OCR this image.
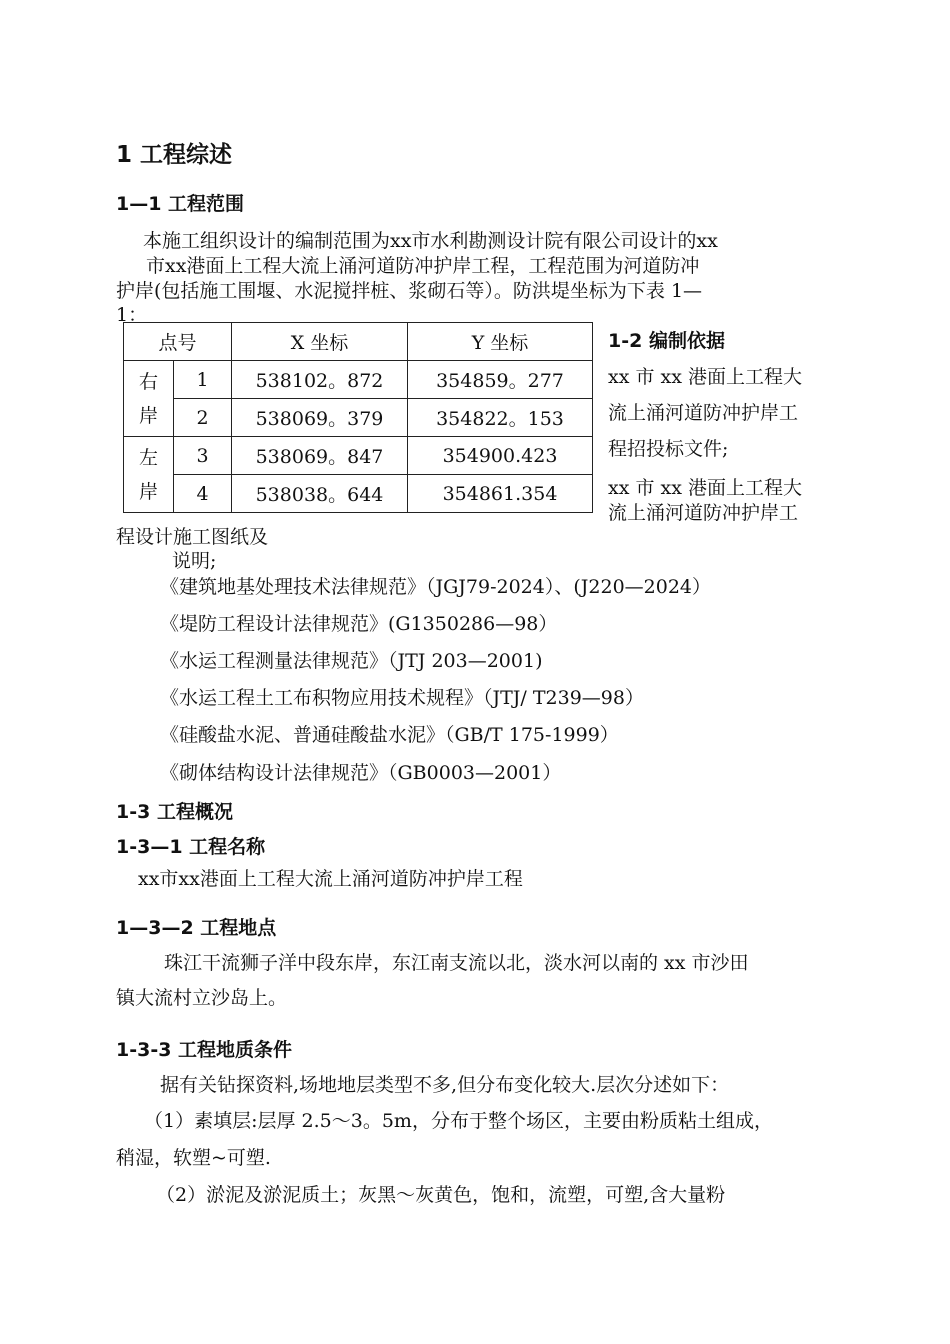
1 工程综述
1—1 工程范围
本施工组织设计的编制范围为xx市水利勘测设计院有限公司设计的xx
市xx港面上工程大流上涌河道防冲护岸工程，工程范围为河道防冲
护岸(包括施工围堰、水泥搅拌桩、浆砌石等）。防洪堤坐标为下表 1—
1：
点号		X 坐标	Y 坐标
右
岸	1	538102。872	354859。277
	2	538069。379	354822。153
左
岸	3	538069。847	354900.423
	4	538038。644	354861.354
1-2 编制依据
xx 市 xx 港面上工程大
流上涌河道防冲护岸工
程招投标文件;
xx 市 xx 港面上工程大
流上涌河道防冲护岸工
程设计施工图纸及
说明;
《建筑地基处理技术法律规范》（JGJ79-2024）、(J220—2024）
《堤防工程设计法律规范》(G1350286—98）
《水运工程测量法律规范》（JTJ 203—2001)
《水运工程土工布积物应用技术规程》（JTJ/ T239—98）
《硅酸盐水泥、普通硅酸盐水泥》（GB/T 175-1999）
《砌体结构设计法律规范》（GB0003—2001）
1-3 工程概况
1-3—1 工程名称
xx市xx港面上工程大流上涌河道防冲护岸工程
1—3—2 工程地点
珠江干流狮子洋中段东岸，东江南支流以北，淡水河以南的 xx 市沙田
镇大流村立沙岛上。
1-3-3 工程地质条件
据有关钻探资料,场地地层类型不多,但分布变化较大.层次分述如下：
（1）素填层:层厚 2.5～3。5m，分布于整个场区，主要由粉质粘土组成，
稍湿，软塑~可塑.
（2）淤泥及淤泥质土；灰黑～灰黄色，饱和，流塑，可塑,含大量粉
